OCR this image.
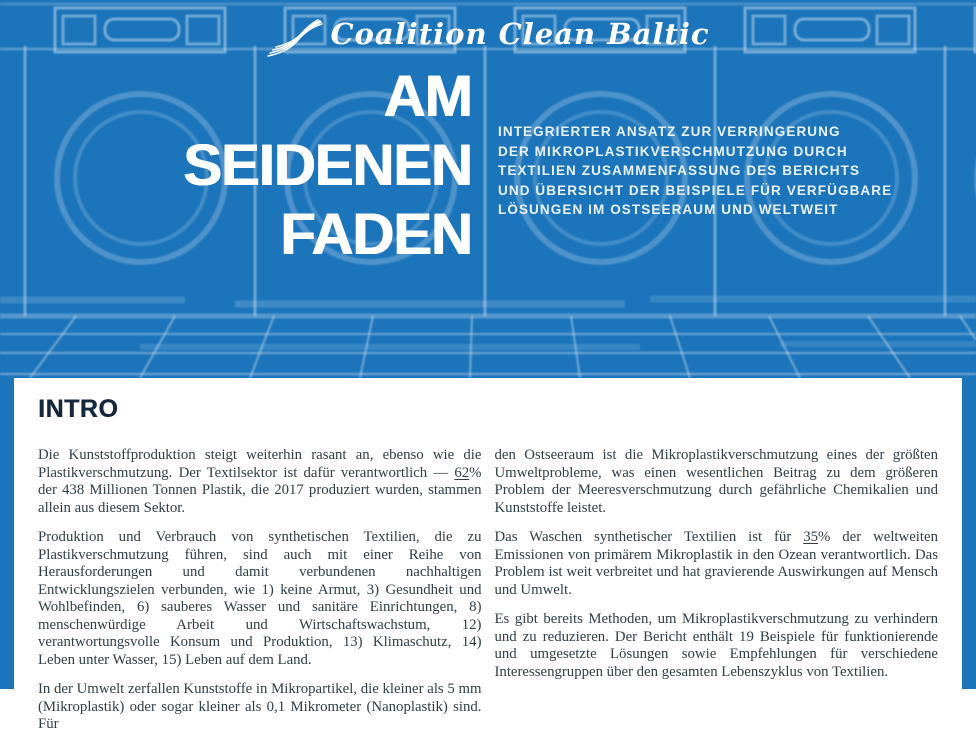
Coalition Clean Baltic
AM
SEIDENEN
FADEN
INTEGRIERTER ANSATZ ZUR VERRINGERUNG
DER MIKROPLASTIKVERSCHMUTZUNG DURCH
TEXTILIEN ZUSAMMENFASSUNG DES BERICHTS
UND ÜBERSICHT DER BEISPIELE FÜR VERFÜGBARE
LÖSUNGEN IM OSTSEERAUM UND WELTWEIT
INTRO

Die Kunststoffproduktion steigt weiterhin rasant an, ebenso wie die Plastikverschmutzung. Der Textilsektor ist dafür verantwortlich — 62% der 438 Millionen Tonnen Plastik, die 2017 produziert wurden, stammen allein aus diesem Sektor.

Produktion und Verbrauch von synthetischen Textilien, die zu Plastikverschmutzung führen, sind auch mit einer Reihe von Herausforderungen und damit verbundenen nachhaltigen Entwicklungszielen verbunden, wie 1) keine Armut, 3) Gesundheit und Wohlbefinden, 6) sauberes Wasser und sanitäre Einrichtungen, 8) menschenwürdige Arbeit und Wirtschaftswachstum, 12) verantwortungsvolle Konsum und Produktion, 13) Klimaschutz, 14) Leben unter Wasser, 15) Leben auf dem Land.

In der Umwelt zerfallen Kunststoffe in Mikropartikel, die kleiner als 5 mm (Mikroplastik) oder sogar kleiner als 0,1 Mikrometer (Nanoplastik) sind. Für

den Ostseeraum ist die Mikroplastikverschmutzung eines der größten Umweltprobleme, was einen wesentlichen Beitrag zu dem größeren Problem der Meeresverschmutzung durch gefährliche Chemikalien und Kunststoffe leistet.

Das Waschen synthetischer Textilien ist für 35% der weltweiten Emissionen von primärem Mikroplastik in den Ozean verantwortlich. Das Problem ist weit verbreitet und hat gravierende Auswirkungen auf Mensch und Umwelt.

Es gibt bereits Methoden, um Mikroplastikverschmutzung zu verhindern und zu reduzieren. Der Bericht enthält 19 Beispiele für funktionierende und umgesetzte Lösungen sowie Empfehlungen für verschiedene Interessengruppen über den gesamten Lebenszyklus von Textilien.
